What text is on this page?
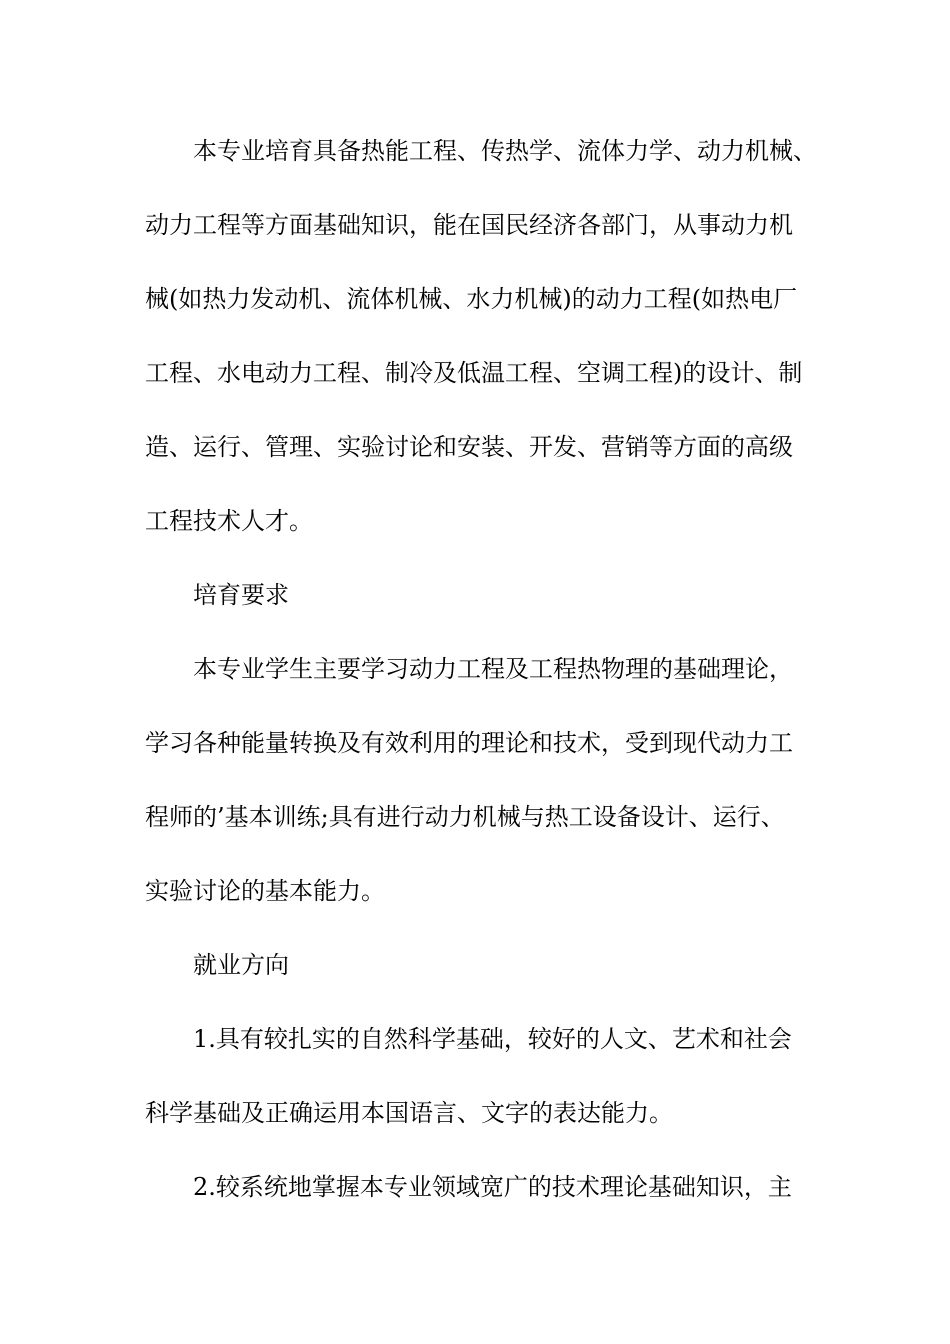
本专业培育具备热能工程、传热学、流体力学、动力机械、
动力工程等方面基础知识，能在国民经济各部门，从事动力机
械(如热力发动机、流体机械、水力机械)的动力工程(如热电厂
工程、水电动力工程、制冷及低温工程、空调工程)的设计、制
造、运行、管理、实验讨论和安装、开发、营销等方面的高级
工程技术人才。
培育要求
本专业学生主要学习动力工程及工程热物理的基础理论，
学习各种能量转换及有效利用的理论和技术，受到现代动力工
程师的’基本训练;具有进行动力机械与热工设备设计、运行、
实验讨论的基本能力。
就业方向
1.具有较扎实的自然科学基础，较好的人文、艺术和社会
科学基础及正确运用本国语言、文字的表达能力。
2.较系统地掌握本专业领域宽广的技术理论基础知识，主
